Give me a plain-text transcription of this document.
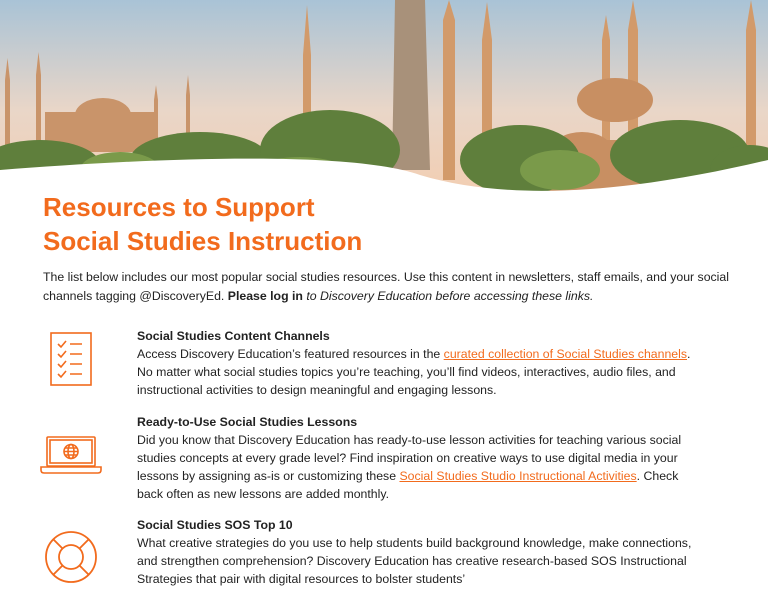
Resources to Support
Social Studies Instruction

The list below includes our most popular social studies resources. Use this content in newsletters, staff emails, and your social channels tagging @DiscoveryEd. Please log in to Discovery Education before accessing these links.

Social Studies Content Channels

Access Discovery Education’s featured resources in the curated collection of Social Studies channels. No matter what social studies topics you’re teaching, you’ll find videos, interactives, audio files, and instructional activities to design meaningful and engaging lessons.

Ready-to-Use Social Studies Lessons

Did you know that Discovery Education has ready-to-use lesson activities for teaching various social studies concepts at every grade level? Find inspiration on creative ways to use digital media in your lessons by assigning as-is or customizing these Social Studies Studio Instructional Activities. Check back often as new lessons are added monthly.

Social Studies SOS Top 10

What creative strategies do you use to help students build background knowledge, make connections, and strengthen comprehension? Discovery Education has creative research-based SOS Instructional Strategies that pair with digital resources to bolster students’
